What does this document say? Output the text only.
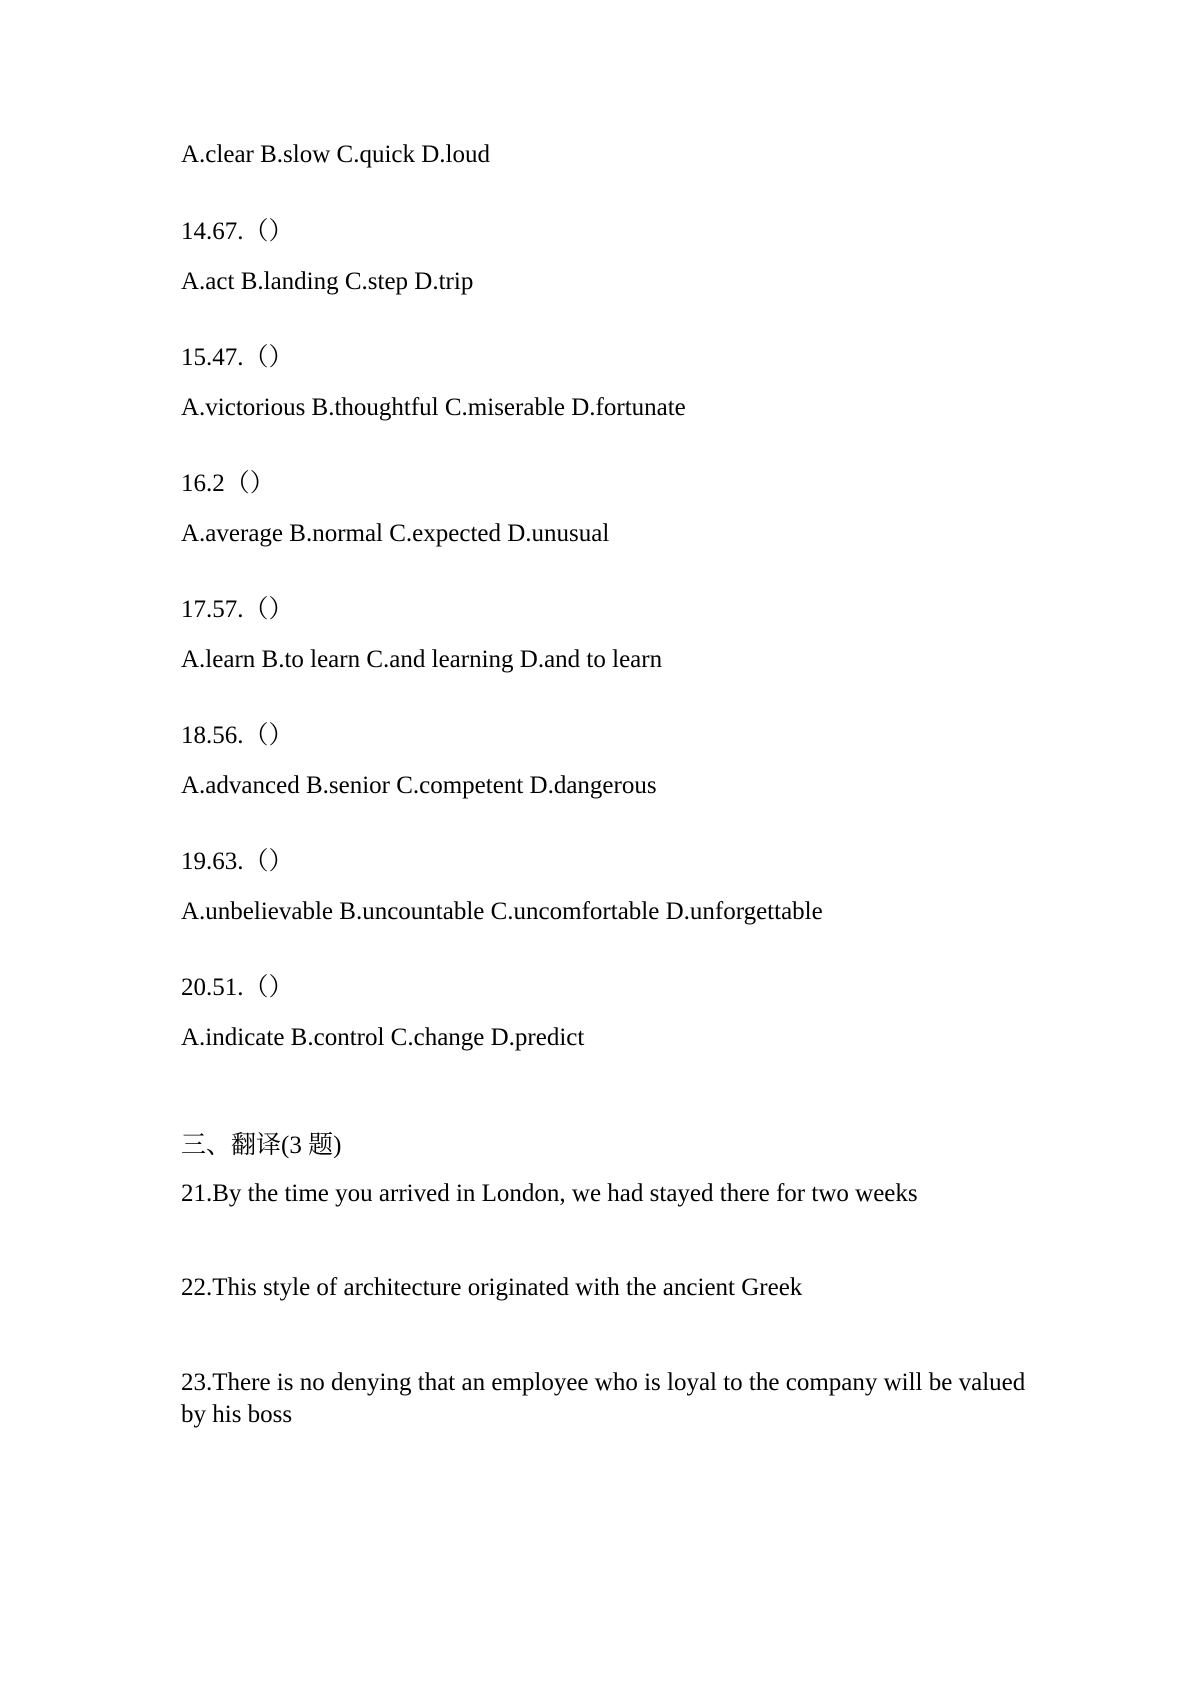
A.clear B.slow C.quick D.loud

14.67.（）

A.act B.landing C.step D.trip

15.47.（）

A.victorious B.thoughtful C.miserable D.fortunate

16.2（）

A.average B.normal C.expected D.unusual

17.57.（）

A.learn B.to learn C.and learning D.and to learn

18.56.（）

A.advanced B.senior C.competent D.dangerous

19.63.（）

A.unbelievable B.uncountable C.uncomfortable D.unforgettable

20.51.（）

A.indicate B.control C.change D.predict

三、翻译(3 题)

21.By the time you arrived in London, we had stayed there for two weeks

22.This style of architecture originated with the ancient Greek

23.There is no denying that an employee who is loyal to the company will be valued by his boss
